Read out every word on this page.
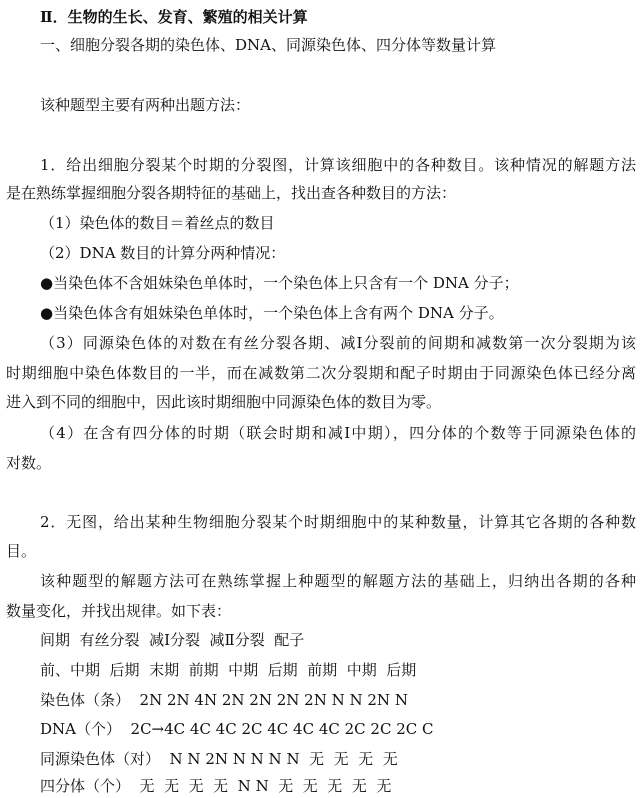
Ⅱ．生物的生长、发育、繁殖的相关计算
一、细胞分裂各期的染色体、DNA、同源染色体、四分体等数量计算
该种题型主要有两种出题方法：
1．给出细胞分裂某个时期的分裂图，计算该细胞中的各种数目。该种情况的解题方法
是在熟练掌握细胞分裂各期特征的基础上，找出查各种数目的方法：
（1）染色体的数目＝着丝点的数目
（2）DNA 数目的计算分两种情况：
●当染色体不含姐妹染色单体时，一个染色体上只含有一个 DNA 分子；
●当染色体含有姐妹染色单体时，一个染色体上含有两个 DNA 分子。
（3）同源染色体的对数在有丝分裂各期、减Ⅰ分裂前的间期和减数第一次分裂期为该
时期细胞中染色体数目的一半，而在减数第二次分裂期和配子时期由于同源染色体已经分离
进入到不同的细胞中，因此该时期细胞中同源染色体的数目为零。
（4）在含有四分体的时期（联会时期和减Ⅰ中期），四分体的个数等于同源染色体的
对数。
2．无图，给出某种生物细胞分裂某个时期细胞中的某种数量，计算其它各期的各种数
目。
该种题型的解题方法可在熟练掌握上种题型的解题方法的基础上，归纳出各期的各种
数量变化，并找出规律。如下表：
间期  有丝分裂  减Ⅰ分裂  减Ⅱ分裂  配子
前、中期  后期  末期  前期  中期  后期  前期  中期  后期
染色体（条）  2N 2N 4N 2N 2N 2N 2N N N 2N N
DNA（个）  2C→4C 4C 4C 2C 4C 4C 4C 2C 2C 2C C
同源染色体（对）  N N 2N N N N N  无  无  无  无
四分体（个）  无  无  无  无  N N  无  无  无  无  无
